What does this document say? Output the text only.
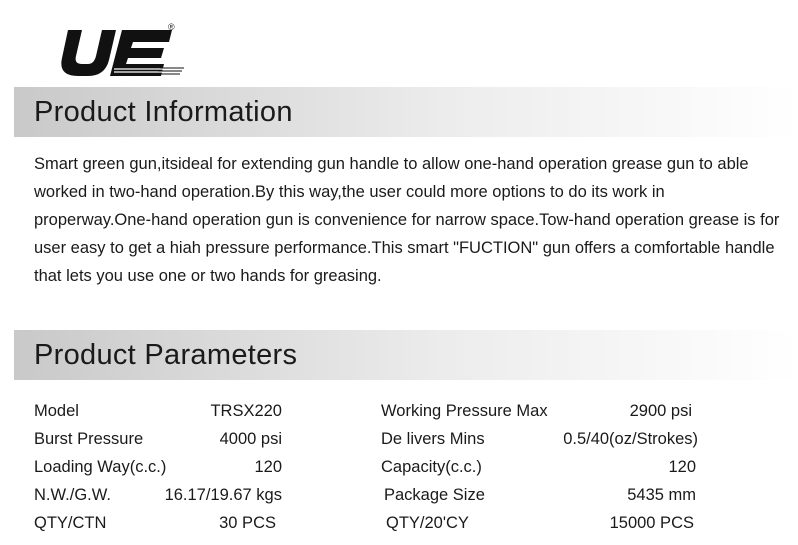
®
Product Information

Smart green gun,itsideal for extending gun handle to allow one-hand operation grease gun to able worked in two-hand operation.By this way,the user could more options to do its work in properway.One-hand operation gun is convenience for narrow space.Tow-hand operation grease is for user easy to get a hiah pressure performance.This smart "FUCTION" gun offers a comfortable handle that lets you use one or two hands for greasing.

Product Parameters
Model
Burst Pressure
Loading Way(c.c.)
N.W./G.W.
QTY/CTN
TRSX220
4000 psi
120
16.17/19.67 kgs
30 PCS
Working Pressure Max
De livers Mins
Capacity(c.c.)
Package Size
QTY/20'CY
2900 psi
0.5/40(oz/Strokes)
120
5435 mm
15000 PCS
